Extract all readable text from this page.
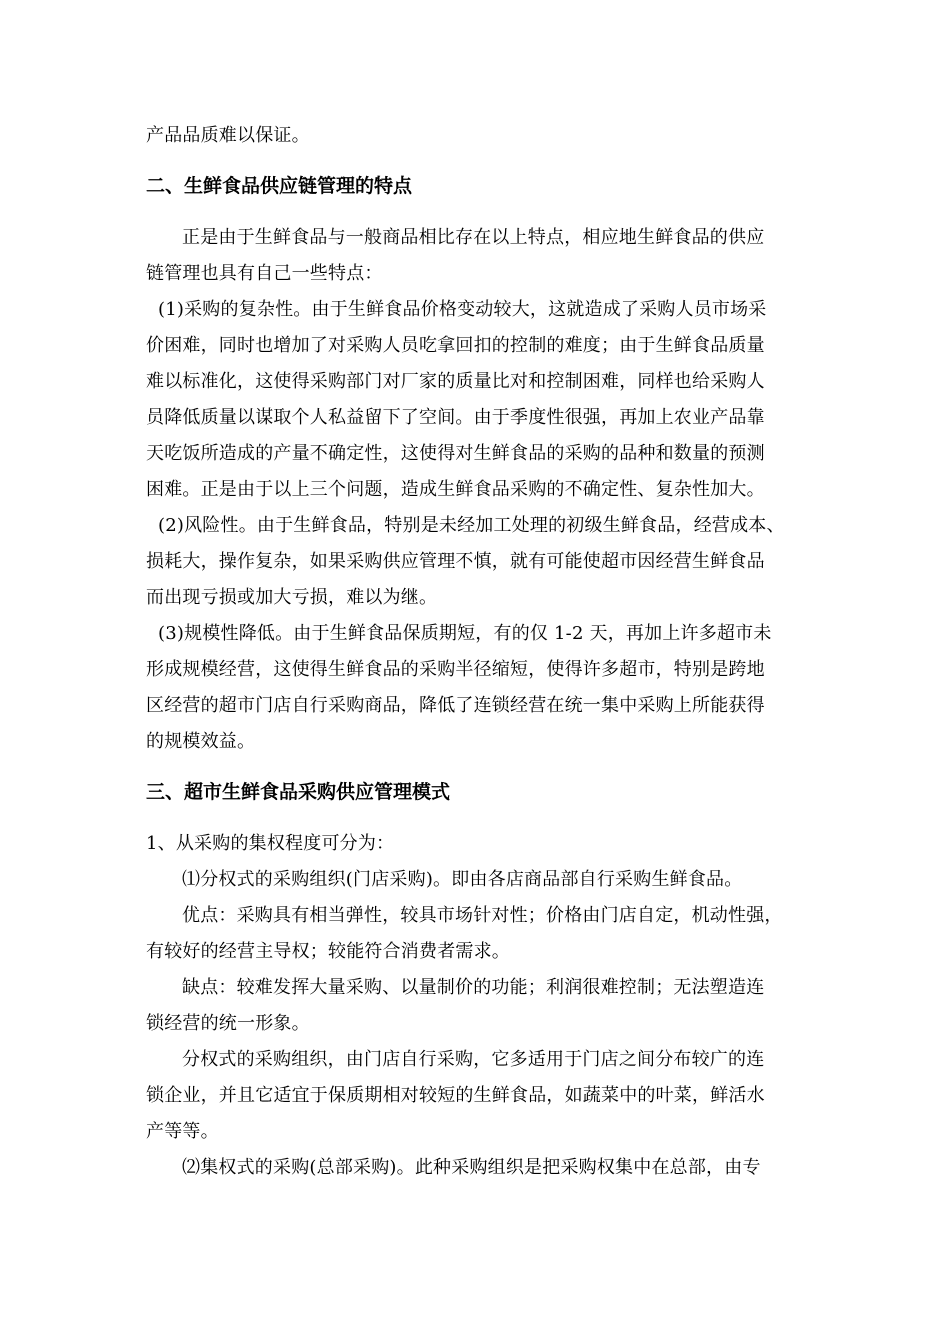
产品品质难以保证。
二、生鲜食品供应链管理的特点
正是由于生鲜食品与一般商品相比存在以上特点，相应地生鲜食品的供应
链管理也具有自己一些特点：
(1)采购的复杂性。由于生鲜食品价格变动较大，这就造成了采购人员市场采
价困难，同时也增加了对采购人员吃拿回扣的控制的难度；由于生鲜食品质量
难以标准化，这使得采购部门对厂家的质量比对和控制困难，同样也给采购人
员降低质量以谋取个人私益留下了空间。由于季度性很强，再加上农业产品靠
天吃饭所造成的产量不确定性，这使得对生鲜食品的采购的品种和数量的预测
困难。正是由于以上三个问题，造成生鲜食品采购的不确定性、复杂性加大。
(2)风险性。由于生鲜食品，特别是未经加工处理的初级生鲜食品，经营成本、
损耗大，操作复杂，如果采购供应管理不慎，就有可能使超市因经营生鲜食品
而出现亏损或加大亏损，难以为继。
(3)规模性降低。由于生鲜食品保质期短，有的仅 1-2 天，再加上许多超市未
形成规模经营，这使得生鲜食品的采购半径缩短，使得许多超市，特别是跨地
区经营的超市门店自行采购商品，降低了连锁经营在统一集中采购上所能获得
的规模效益。
三、超市生鲜食品采购供应管理模式
1、从采购的集权程度可分为：
⑴分权式的采购组织(门店采购)。即由各店商品部自行采购生鲜食品。
优点：采购具有相当弹性，较具市场针对性；价格由门店自定，机动性强，
有较好的经营主导权；较能符合消费者需求。
缺点：较难发挥大量采购、以量制价的功能；利润很难控制；无法塑造连
锁经营的统一形象。
分权式的采购组织，由门店自行采购，它多适用于门店之间分布较广的连
锁企业，并且它适宜于保质期相对较短的生鲜食品，如蔬菜中的叶菜，鲜活水
产等等。
⑵集权式的采购(总部采购)。此种采购组织是把采购权集中在总部，由专
